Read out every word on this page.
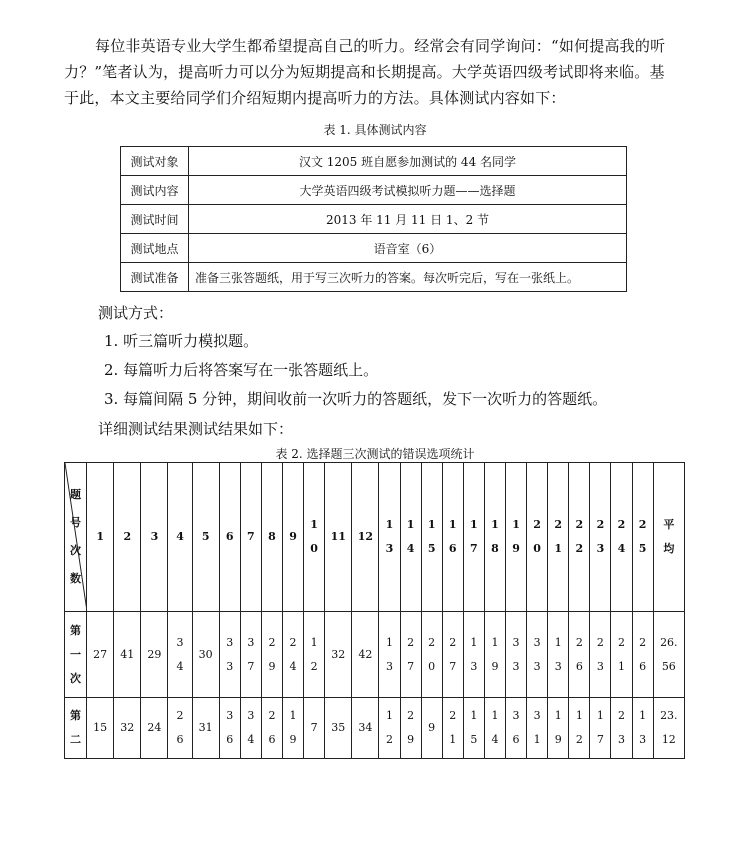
每位非英语专业大学生都希望提高自己的听力。经常会有同学询问：“如何提高我的听

力？”笔者认为，提高听力可以分为短期提高和长期提高。大学英语四级考试即将来临。基

于此，本文主要给同学们介绍短期内提高听力的方法。具体测试内容如下：

表 1. 具体测试内容

测试对象	汉文 1205 班自愿参加测试的 44 名同学
测试内容	大学英语四级考试模拟听力题——选择题
测试时间	2013 年 11 月 11 日 1、2 节
测试地点	语音室（6）
测试准备	准备三张答题纸，用于写三次听力的答案。每次听完后，写在一张纸上。

测试方式：

1. 听三篇听力模拟题。

2. 每篇听力后将答案写在一张答题纸上。

3. 每篇间隔 5 分钟，期间收前一次听力的答题纸，发下一次听力的答题纸。

详细测试结果测试结果如下：

表 2. 选择题三次测试的错误选项统计

题
号
次
数	1	2	3	4	5	6	7	8	9	1
0	11	12	1
3	1
4	1
5	1
6	1
7	1
8	1
9	2
0	2
1	2
2	2
3	2
4	2
5	平
均

第
一
次	27	41	29	3
4	30	3
3	3
7	2
9	2
4	1
2	32	42	1
3	2
7	2
0	2
7	1
3	1
9	3
3	3
3	1
3	2
6	2
3	2
1	2
6	26.
56

第
二	15	32	24	2
6	31	3
6	3
4	2
6	1
9	7	35	34	1
2	2
9	9	2
1	1
5	1
4	3
6	3
1	1
9	1
2	1
7	2
3	1
3	23.
12
